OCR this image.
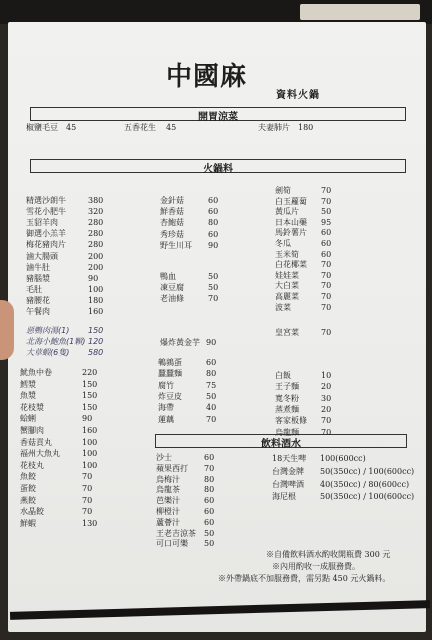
中國麻
資料火鍋
開胃涼菜
火鍋料
飲料酒水
椒鹽毛豆 45	五香花生 45	夫妻肺片 180
精選沙朗牛	380
雪花小肥牛	320
玉貂羊肉	280
御選小羔羊	280
梅花豬肉片	280
滷大腸頭	200
滷牛肚	200
豬腦漿	90
毛肚	100
豬腰花	180
午餐肉	160
惡鴨肉湯(1) 150
北海小鮑魚(1顆) 120
大草蝦(6隻) 580
魷魚中卷	220
鱈漿	150
魚漿	150
花枝漿	150
蛤蜊	90
蟹腳肉	160
香菇貢丸	100
福州大魚丸	100
花枝丸	100
魚餃	70
蛋餃	70
燕餃	70
水晶餃	70
鮮蝦	130
金針菇	60
鮮香菇	60
杏鮑菇	80
秀珍菇	60
野生川耳 90
鴨血	50
凍豆腐	50
老油條	70
爆炸黃金芋 90
鵪鶉蛋	60
蠶蠶麵	80
腐竹	75
炸豆皮	50
海帶	40
蓮藕	70
劍筍	70
白玉蘿蔔 70
黃瓜片	50
日本山藥 95
馬鈴薯片 60
冬瓜	60
玉米筍	60
白花椰菜 70
娃娃菜	70
大白菜	70
高麗菜	70
波菜	70
皇宮菜	70
白飯	10
王子麵	20
寬冬粉	30
蒸煮麵	20
客家板條 70
烏龍麵	70
沙士	60
蘋果西打 70
烏梅汁	80
烏龍茶	80
芭樂汁	60
柳橙汁	60
蘆薈汁	60
王老吉涼茶 50
可口可樂 50
18天生啤 100(600cc)
台灣金牌 50(350cc) / 100(600cc)
台灣啤酒 40(350cc) / 80(600cc)
海尼根	50(350cc) / 100(600cc)
※自備飲料酒水酌收開瓶費 300 元
※內用酌收一成服務費。
※外帶鍋底不加服務費，需另點 450 元火鍋料。
